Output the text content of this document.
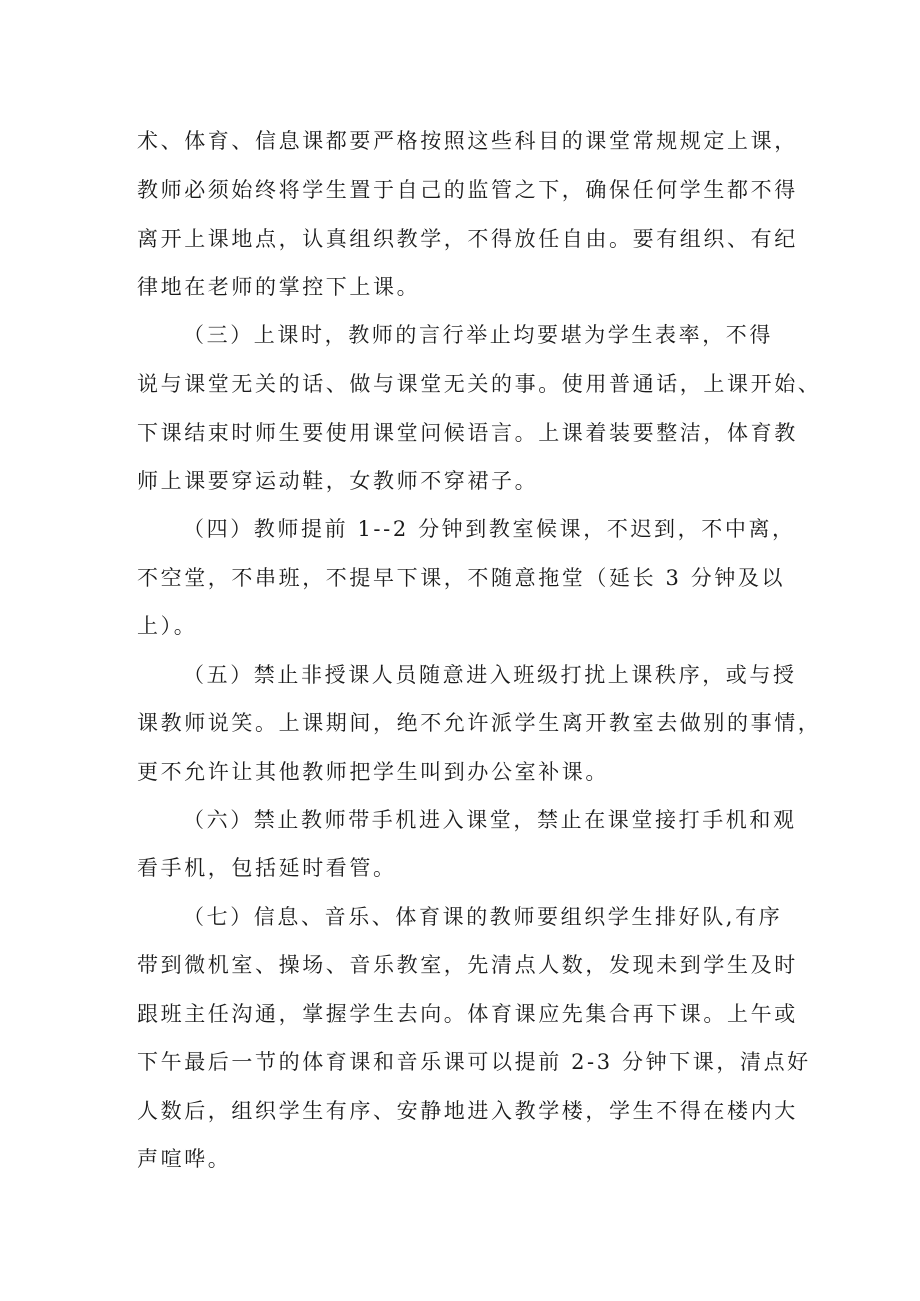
术、体育、信息课都要严格按照这些科目的课堂常规规定上课，
教师必须始终将学生置于自己的监管之下，确保任何学生都不得
离开上课地点，认真组织教学，不得放任自由。要有组织、有纪
律地在老师的掌控下上课。
（三）上课时，教师的言行举止均要堪为学生表率，不得
说与课堂无关的话、做与课堂无关的事。使用普通话，上课开始、
下课结束时师生要使用课堂问候语言。上课着装要整洁，体育教
师上课要穿运动鞋，女教师不穿裙子。
（四）教师提前 1--2 分钟到教室候课，不迟到，不中离，
不空堂，不串班，不提早下课，不随意拖堂（延长 3 分钟及以
上）。
（五）禁止非授课人员随意进入班级打扰上课秩序，或与授
课教师说笑。上课期间，绝不允许派学生离开教室去做别的事情，
更不允许让其他教师把学生叫到办公室补课。
（六）禁止教师带手机进入课堂，禁止在课堂接打手机和观
看手机，包括延时看管。
（七）信息、音乐、体育课的教师要组织学生排好队,有序
带到微机室、操场、音乐教室，先清点人数，发现未到学生及时
跟班主任沟通，掌握学生去向。体育课应先集合再下课。上午或
下午最后一节的体育课和音乐课可以提前 2-3 分钟下课，清点好
人数后，组织学生有序、安静地进入教学楼，学生不得在楼内大
声喧哗。
